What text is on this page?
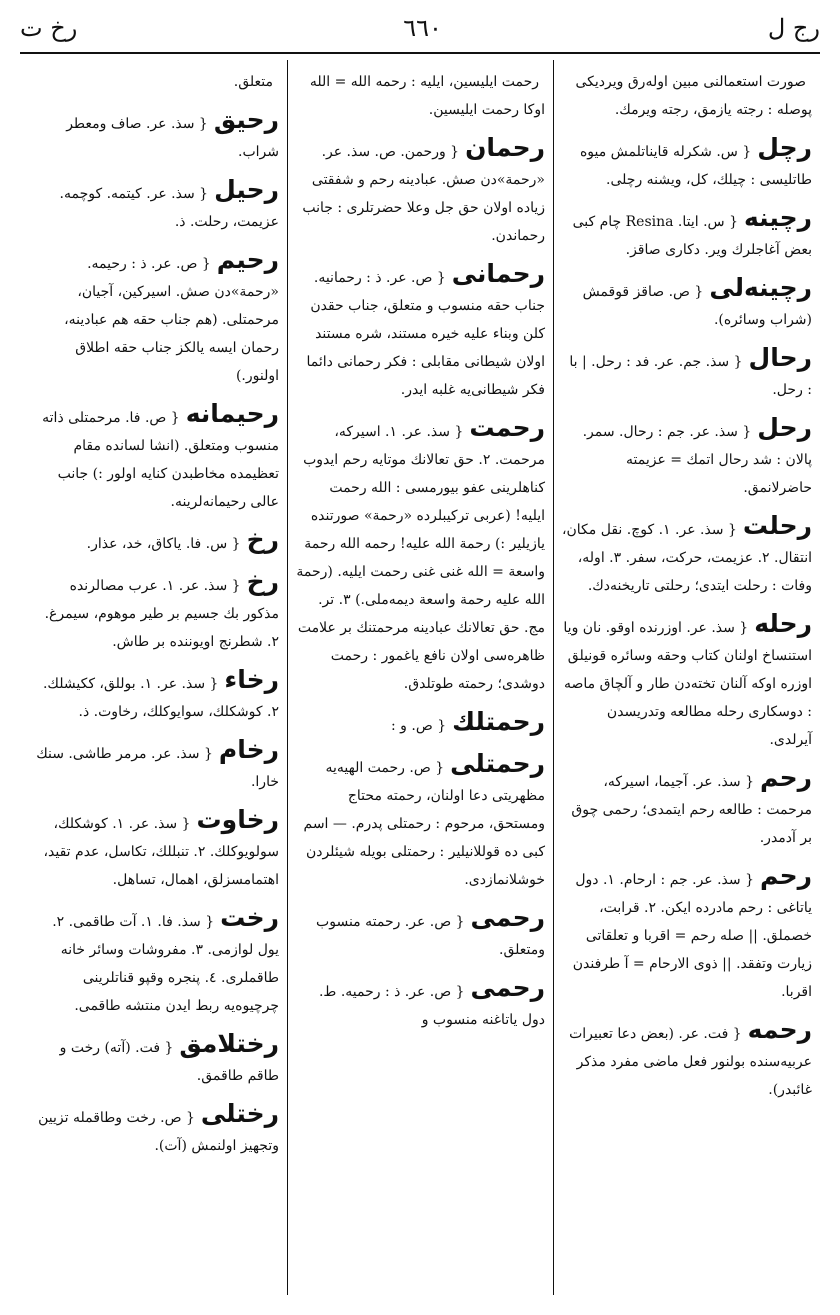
رج ل
٦٦٠
رخ ت
صورت استعمالنى مبين اولەرق ويرديكى پوصله : رجته يازمق، رجته ويرمك.
رچل{ س. شكرله قايناتلمش ميوه طاتليسى : چيلك، كل، ويشنه رچلى.
رچينه{ س. ايتا. Resina چام كبى بعض آغاجلرك وير. دكارى صاقز.
رچينه‌لى{ ص. صاقز قوقمش (شراب وسائره).
رحال{ سذ. جم. عر. فد : رحل. | با : رحل.
رحل{ سذ. عر. جم : رحال. سمر. پالان : شد رحال اتمك = عزيمته حاضرلانمق.
رحلت{ سذ. عر. ١. كوچ. نقل مكان، انتقال. ٢. عزيمت، حركت، سفر. ٣. اوله، وفات : رحلت ايتدى؛ رحلتى تاريخنه‌دك.
رحله{ سذ. عر. اوزرنده اوقو. نان ويا استنساخ اولنان كتاب وحقه وسائره قونيلق اوزره اوكه آلنان تخته‌دن طار و آلچاق ماصه : دوسكارى رحله مطالعه وتدريسدن آيرلدى.
رحم{ سذ. عر. آجيما، اسيركه، مرحمت : طالعه رحم ايتمدى؛ رحمى چوق بر آدمدر.
رحم{ سذ. عر. جم : ارحام. ١. دول ياتاغى : رحم مادرده ايكن. ٢. قرابت، خصملق. || صله رحم = اقربا و تعلقاتى زيارت وتفقد. || ذوى الارحام = آ طرفندن اقربا.
رحمه{ فت. عر. (بعض دعا تعبيرات عربيه‌سنده بولنور فعل ماضى مفرد مذكر غائبدر).
رحمت ايليسين، ايليه : رحمه الله = الله اوكا رحمت ايليسين.
رحمان{ ورحمن. ص. سذ. عر. «رحمة»دن صش. عبادينه رحم و شفقتى زياده اولان حق جل وعلا حضرتلرى : جانب رحماندن.
رحمانى{ ص. عر. ذ : رحمانيه. جناب حقه منسوب و متعلق، جناب حقدن كلن وبناء عليه خيره مستند، شره مستند اولان شيطانى مقابلى : فكر رحمانى دائما فكر شيطانى‌يه غلبه ايدر.
رحمت{ سذ. عر. ١. اسيركه، مرحمت. ٢. حق تعالانك موتايه رحم ايدوب كناهلرينى عفو بيورمسى : الله رحمت ايليه! (عربى تركيبلرده «رحمة» صورتنده يازيلير :) رحمة الله عليه! رحمه الله رحمة واسعة = الله غنى غنى رحمت ايليه. (رحمة الله عليه رحمة واسعة ديمه‌ملى.) ٣. تر. مج. حق تعالانك عبادينه مرحمتنك بر علامت ظاهره‌سى اولان نافع ياغمور : رحمت دوشدى؛ رحمته طوتلدق.
رحمتلك{ ص. و :
رحمتلى{ ص. رحمت الهيه‌يه مظهريتى دعا اولنان، رحمته محتاج ومستحق، مرحوم : رحمتلى پدرم. — اسم كبى ده قوللانيلير : رحمتلى بويله شيئلردن خوشلانمازدى.
رحمى{ ص. عر. رحمته منسوب ومتعلق.
رحمى{ ص. عر. ذ : رحميه. ط. دول ياتاغنه منسوب و
متعلق.
رحيق{ سذ. عر. صاف ومعطر شراب.
رحيل{ سذ. عر. كيتمه. كوچمه. عزيمت، رحلت. ذ.
رحيم{ ص. عر. ذ : رحيمه. «رحمة»دن صش. اسيركين، آجيان، مرحمتلى. (هم جناب حقه هم عبادينه، رحمان ايسه يالكز جناب حقه اطلاق اولنور.)
رحيمانه{ ص. فا. مرحمتلى ذاته منسوب ومتعلق. (انشا لسانده مقام تعظيمده مخاطبدن كنايه اولور :) جانب عالى رحيمانه‌لرينه.
رخ{ س. فا. ياكاق، خد، عذار.
رخ{ سذ. عر. ١. عرب مصالرنده مذكور بك جسيم بر طير موهوم، سيمرغ. ٢. شطرنج اويوننده بر طاش.
رخاء{ سذ. عر. ١. بوللق، ككيشلك. ٢. كوشكلك، سوايوكلك، رخاوت. ذ.
رخام{ سذ. عر. مرمر طاشى. سنك خارا.
رخاوت{ سذ. عر. ١. كوشكلك، سولويوكلك. ٢. تنبللك، تكاسل، عدم تقيد، اهتمامسزلق، اهمال، تساهل.
رخت{ سذ. فا. ١. آت طاقمى. ٢. يول لوازمى. ٣. مفروشات وسائر خانه طاقملرى. ٤. پنجره وقپو قناتلرينى چرچيوه‌يه ربط ايدن منتشه طاقمى.
رختلامق{ فت. (آته) رخت و طاقم طاقمق.
رختلى{ ص. رخت وطاقمله تزيين وتجهيز اولنمش (آت).
